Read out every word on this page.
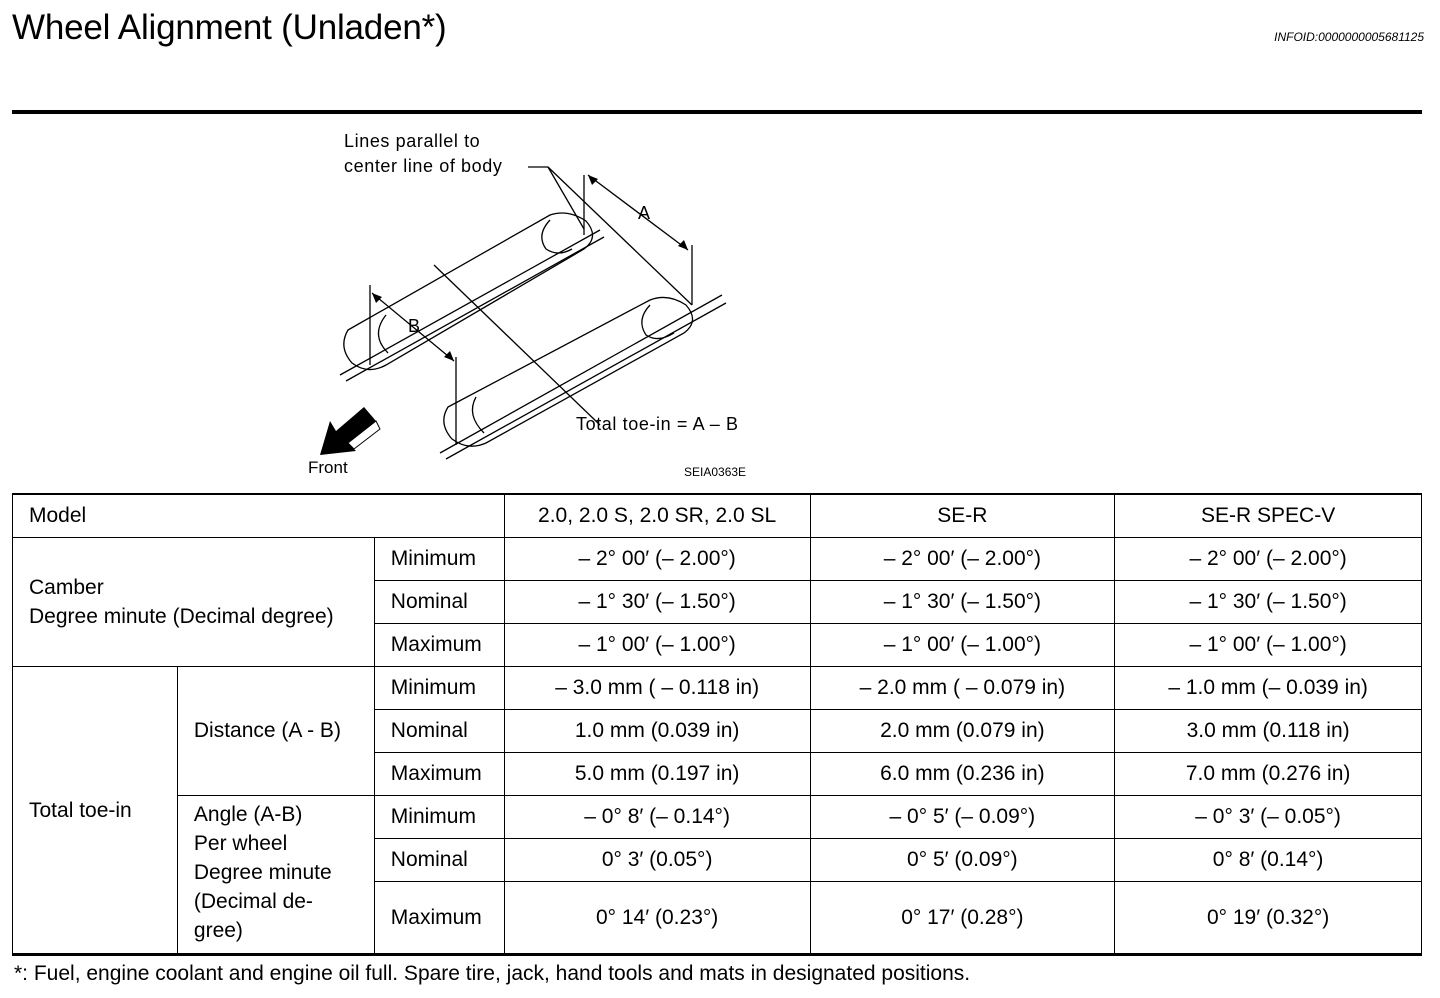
Wheel Alignment (Unladen*)	INFOID:0000000005681125
Lines parallel to
center line of body
A
B
Total toe-in = A – B
Front	SEIA0363E
Model			2.0, 2.0 S, 2.0 SR, 2.0 SL	SE-R	SE-R SPEC-V

Camber
Degree minute (Decimal degree)		Minimum	– 2° 00′ (– 2.00°)	– 2° 00′ (– 2.00°)	– 2° 00′ (– 2.00°)
		Nominal	– 1° 30′ (– 1.50°)	– 1° 30′ (– 1.50°)	– 1° 30′ (– 1.50°)
		Maximum	– 1° 00′ (– 1.00°)	– 1° 00′ (– 1.00°)	– 1° 00′ (– 1.00°)
Total toe-in	Distance (A - B)	Minimum	– 3.0 mm ( – 0.118 in)	– 2.0 mm ( – 0.079 in)	– 1.0 mm (– 0.039 in)
		Nominal	1.0 mm (0.039 in)	2.0 mm (0.079 in)	3.0 mm (0.118 in)
		Maximum	5.0 mm (0.197 in)	6.0 mm (0.236 in)	7.0 mm (0.276 in)

	Angle (A-B)
Per wheel
Degree minute
(Decimal de-
gree)	Minimum	– 0° 8′ (– 0.14°)	– 0° 5′ (– 0.09°)	– 0° 3′ (– 0.05°)
		Nominal	0° 3′ (0.05°)	0° 5′ (0.09°)	0° 8′ (0.14°)
		Maximum	0° 14′ (0.23°)	0° 17′ (0.28°)	0° 19′ (0.32°)
*: Fuel, engine coolant and engine oil full. Spare tire, jack, hand tools and mats in designated positions.
